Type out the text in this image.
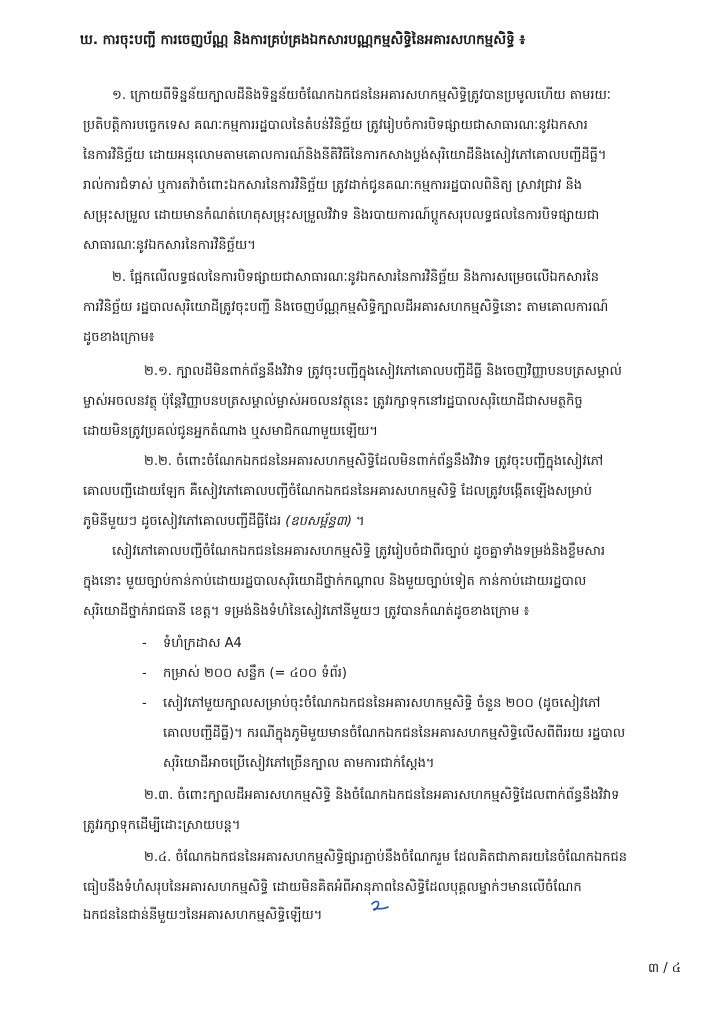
ឃ. ការចុះបញ្ជី ការចេញប័ណ្ណ និងការគ្រប់គ្រងឯកសារបណ្ណកម្មសិទ្ធិនៃអគារសហកម្មសិទ្ធិ ៖
១. ក្រោយពីទិន្នន័យក្បាលដីនិងទិន្នន័យចំណែកឯកជននៃអគារសហកម្មសិទ្ធិត្រូវបានប្រមូលហើយ តាមរយៈ
ប្រតិបត្តិការបច្ចេកទេស គណៈកម្មការរដ្ឋបាលនៃតំបន់វិនិច្ឆ័យ ត្រូវរៀបចំការបិទផ្សាយជាសាធារណៈនូវឯកសារ
នៃការវិនិច្ឆ័យ ដោយអនុលោមតាមគោលការណ៍និងនីតិវិធីនៃការកសាងប្លង់សុរិយោដីនិងសៀវភៅគោលបញ្ជីដីធ្លី។
រាល់ការជំទាស់ ឬការតវ៉ាចំពោះឯកសារនៃការវិនិច្ឆ័យ ត្រូវដាក់ជូនគណៈកម្មការរដ្ឋបាលពិនិត្យ ស្រាវជ្រាវ និង
សម្រុះសម្រួល ដោយមានកំណត់ហេតុសម្រុះសម្រួលវិវាទ និងរបាយការណ៍ប្តូកសរុបលទ្ធផលនៃការបិទផ្សាយជា
សាធារណៈនូវឯកសារនៃការវិនិច្ឆ័យ។
២. ផ្អែកលើលទ្ធផលនៃការបិទផ្សាយជាសាធារណៈនូវឯកសារនៃការវិនិច្ឆ័យ និងការសម្រេចលើឯកសារនៃ
ការវិនិច្ឆ័យ រដ្ឋបាលសុរិយោដីត្រូវចុះបញ្ជី និងចេញប័ណ្ណកម្មសិទ្ធិក្បាលដីអគារសហកម្មសិទ្ធិនោះ តាមគោលការណ៍
ដូចខាងក្រោម៖
២.១. ក្បាលដីមិនពាក់ព័ន្ធនឹងវិវាទ ត្រូវចុះបញ្ជីក្នុងសៀវភៅគោលបញ្ជីដីធ្លី និងចេញវិញ្ញាបនបត្រសម្គាល់
ម្ចាស់អចលនវត្ថុ ប៉ុន្តែវិញ្ញាបនបត្រសម្គាល់ម្ចាស់អចលនវត្ថុនេះ ត្រូវរក្សាទុកនៅរដ្ឋបាលសុរិយោដីជាសមត្ថកិច្ច
ដោយមិនត្រូវប្រគល់ជូនអ្នកតំណាង ឬសមាជិកណាមួយឡើយ។
២.២. ចំពោះចំណែកឯកជននៃអគារសហកម្មសិទ្ធិដែលមិនពាក់ព័ន្ធនឹងវិវាទ ត្រូវចុះបញ្ជីក្នុងសៀវភៅ
គោលបញ្ជីដោយឡែក គឺសៀវភៅគោលបញ្ជីចំណែកឯកជននៃអគារសហកម្មសិទ្ធិ ដែលត្រូវបង្កើតឡើងសម្រាប់
ភូមិនីមួយៗ ដូចសៀវភៅគោលបញ្ជីដីធ្លីដែរ (ឧបសម្ព័ន្ធ៣) ។
សៀវភៅគោលបញ្ជីចំណែកឯកជននៃអគារសហកម្មសិទ្ធិ ត្រូវរៀបចំជាពីរច្បាប់ ដូចគ្នាទាំងទម្រង់និងខ្លឹមសារ
ក្នុងនោះ មួយច្បាប់កាន់កាប់ដោយរដ្ឋបាលសុរិយោដីថ្នាក់កណ្តាល និងមួយច្បាប់ទៀត កាន់កាប់ដោយរដ្ឋបាល
សុរិយោដីថ្នាក់រាជធានី ខេត្ត។ ទម្រង់និងទំហំនៃសៀវភៅនីមួយៗ ត្រូវបានកំណត់ដូចខាងក្រោម ៖
- ទំហំក្រដាស A4
- កម្រាស់ ២០០ សន្លឹក (= ៤០០ ទំព័រ)
- សៀវភៅមួយក្បាលសម្រាប់ចុះចំណែកឯកជននៃអគារសហកម្មសិទ្ធិ ចំនួន ២០០ (ដូចសៀវភៅ
គោលបញ្ជីដីធ្លី)។ ករណីក្នុងភូមិមួយមានចំណែកឯកជននៃអគារសហកម្មសិទ្ធិលើសពីពីររយ រដ្ឋបាល
សុរិយោដីអាចប្រើសៀវភៅច្រើនក្បាល តាមការជាក់ស្តែង។
២.៣. ចំពោះក្បាលដីអគារសហកម្មសិទ្ធិ និងចំណែកឯកជននៃអគារសហកម្មសិទ្ធិដែលពាក់ព័ន្ធនឹងវិវាទ
ត្រូវរក្សាទុកដើម្បីដោះស្រាយបន្ត។
២.៤. ចំណែកឯកជននៃអគារសហកម្មសិទ្ធិផ្សារភ្ជាប់នឹងចំណែករួម ដែលគិតជាភាគរយនៃចំណែកឯកជន
ធៀបនឹងទំហំសរុបនៃអគារសហកម្មសិទ្ធិ ដោយមិនគិតអំពីអានុភាពនៃសិទ្ធិដែលបុគ្គលម្នាក់ៗមានលើចំណែក
ឯកជននៃជាន់នីមួយៗនៃអគារសហកម្មសិទ្ធិឡើយ។
៣ / ៤
